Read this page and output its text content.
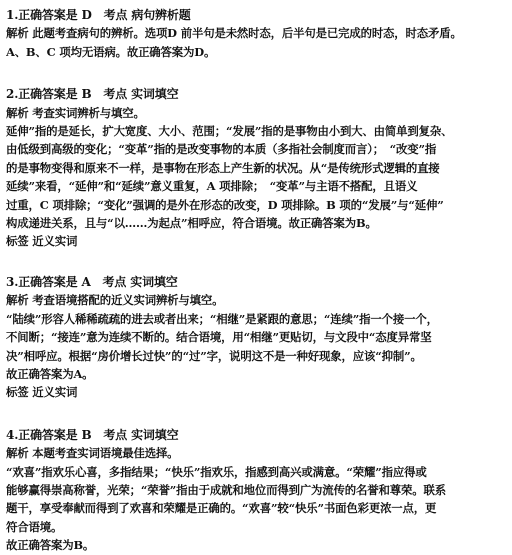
1.正确答案是 D　考点 病句辨析题
解析 此题考查病句的辨析。选项D 前半句是未然时态，后半句是已完成的时态，时态矛盾。
A、B、C 项均无语病。故正确答案为D。
2.正确答案是 B　考点 实词填空
解析 考查实词辨析与填空。
延伸”指的是延长，扩大宽度、大小、范围；“发展”指的是事物由小到大、由简单到复杂、
由低级到高级的变化；“变革”指的是改变事物的本质（多指社会制度而言）；　“改变”指
的是事物变得和原来不一样，是事物在形态上产生新的状况。从“是传统形式逻辑的直接
延续”来看，“延伸”和“延续”意义重复，A 项排除；　“变革”与主语不搭配，且语义
过重，C 项排除；“变化”强调的是外在形态的改变，D 项排除。B 项的“发展”与“延伸”
构成递进关系，且与“以……为起点”相呼应，符合语境。故正确答案为B。
标签 近义实词
3.正确答案是 A　考点 实词填空
解析 考查语境搭配的近义实词辨析与填空。
“陆续”形容人稀稀疏疏的进去或者出来；“相继”是紧跟的意思；“连续”指一个接一个，
不间断；“接连”意为连续不断的。结合语境，用“相继”更贴切，与文段中“态度异常坚
决”相呼应。根据“房价增长过快”的“过”字，说明这不是一种好现象，应该“抑制”。
故正确答案为A。
标签 近义实词
4.正确答案是 B　考点 实词填空
解析 本题考查实词语境最佳选择。
“欢喜”指欢乐心喜，多指结果；“快乐”指欢乐，指感到高兴或满意。“荣耀”指应得或
能够赢得崇高称誉，光荣；“荣誉”指由于成就和地位而得到广为流传的名誉和尊荣。联系
题干，享受奉献而得到了欢喜和荣耀是正确的。“欢喜”较“快乐”书面色彩更浓一点，更
符合语境。
故正确答案为B。
